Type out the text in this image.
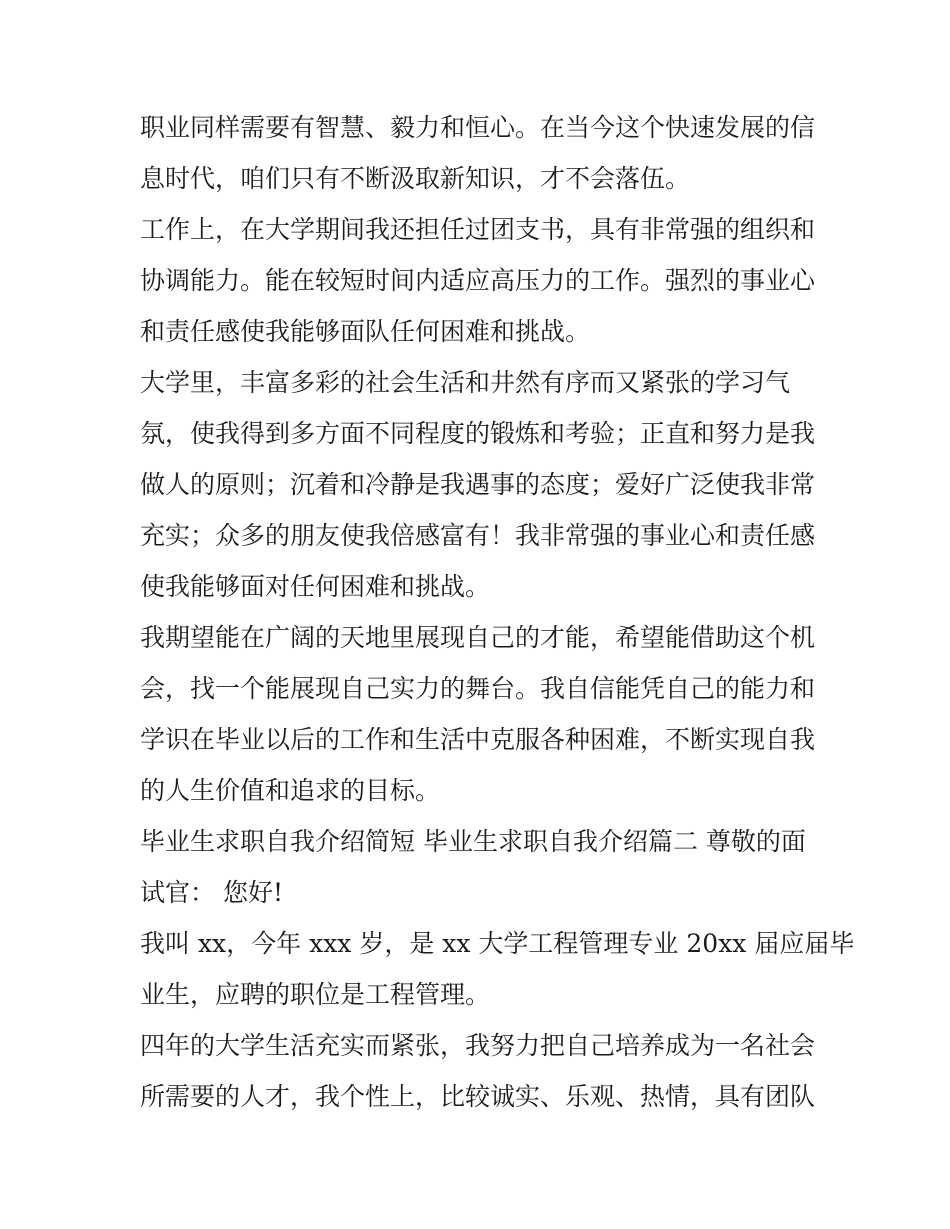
职业同样需要有智慧、毅力和恒心。在当今这个快速发展的信
息时代，咱们只有不断汲取新知识，才不会落伍。

工作上，在大学期间我还担任过团支书，具有非常强的组织和
协调能力。能在较短时间内适应高压力的工作。强烈的事业心
和责任感使我能够面队任何困难和挑战。

大学里，丰富多彩的社会生活和井然有序而又紧张的学习气
氛，使我得到多方面不同程度的锻炼和考验；正直和努力是我
做人的原则；沉着和冷静是我遇事的态度；爱好广泛使我非常
充实；众多的朋友使我倍感富有！我非常强的事业心和责任感
使我能够面对任何困难和挑战。

我期望能在广阔的天地里展现自己的才能，希望能借助这个机
会，找一个能展现自己实力的舞台。我自信能凭自己的能力和
学识在毕业以后的工作和生活中克服各种困难，不断实现自我
的人生价值和追求的目标。

毕业生求职自我介绍简短 毕业生求职自我介绍篇二 尊敬的面
试官： 您好!

我叫 xx，今年 xxx 岁，是 xx 大学工程管理专业 20xx 届应届毕
业生，应聘的职位是工程管理。

四年的大学生活充实而紧张，我努力把自己培养成为一名社会
所需要的人才，我个性上，比较诚实、乐观、热情，具有团队
